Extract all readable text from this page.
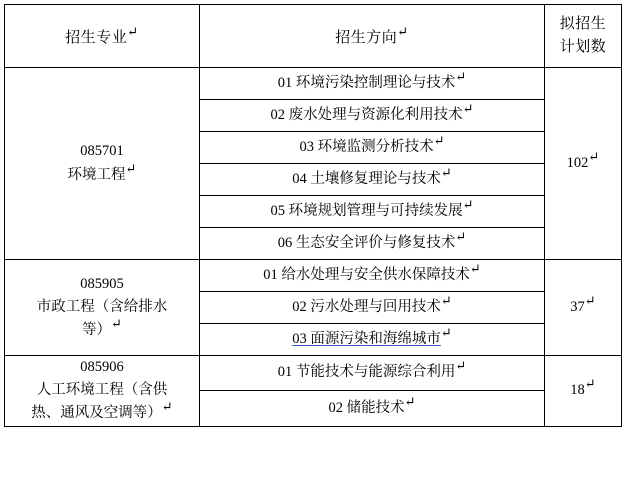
招生专业↵	招生方向↵	拟招生
计划数

085701
环境工程↵	01 环境污染控制理论与技术↵	102↵
	02 废水处理与资源化利用技术↵	
	03 环境监测分析技术↵	
	04 土壤修复理论与技术↵	
	05 环境规划管理与可持续发展↵	
	06 生态安全评价与修复技术↵	

085905
市政工程（含给排水
等）↵	01 给水处理与安全供水保障技术↵	37↵
	02 污水处理与回用技术↵	
	03 面源污染和海绵城市↵	

085906
人工环境工程（含供
热、通风及空调等）↵	01 节能技术与能源综合利用↵	18↵
	02 储能技术↵	
